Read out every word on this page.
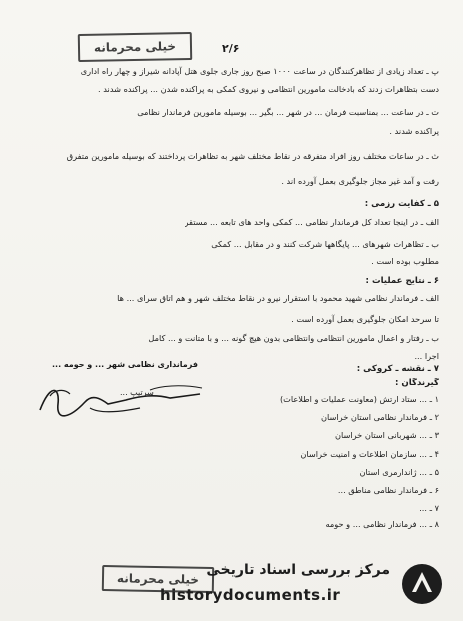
خیلی محرمانه	۲/۶
پ ـ تعداد زیادی از تظاهرکنندگان در ساعت ۱۰۰۰ صبح روز جاری جلوی هتل آپادانه شیراز و چهار راه اداری
دست بتظاهرات زدند که بادخالت مامورین انتظامی و نیروی کمکی به پراکنده شدن ... پراکنده شدند .
ت ـ در ساعت ... بمناسبت فرمان ... در شهر ... بگیر ... بوسیله مامورین فرماندار نظامی
پراکنده شدند .
ث ـ در ساعات مختلف روز افراد متفرقه در نقاط مختلف شهر به تظاهرات پرداختند که بوسیله مامورین متفرق
رفت و آمد غیر مجاز جلوگیری بعمل آورده اند .
۵ ـ کفایت رزمی :
الف ـ در اینجا تعداد کل فرماندار نظامی ... کمکی واحد های تابعه ... مستقر
ب ـ تظاهرات شهرهای ... پایگاهها شرکت کنند و در مقابل ... کمکی
مطلوب بوده است .
۶ ـ نتایج عملیات :
الف ـ فرماندار نظامی شهید محمود با استقرار نیرو در نقاط مختلف شهر و هم اتاق سرای ... ها
تا سرحد امکان جلوگیری بعمل آورده است .
ب ـ رفتار و اعمال مامورین انتظامی وانتظامی بدون هیچ گونه ... و با متانت و ... کامل
اجرا ...
۷ ـ نقشه ـ کروکی :
گیرندگان :
۱ ـ ... ستاد ارتش (معاونت عملیات و اطلاعات)
۲ ـ فرماندار نظامی استان خراسان
۳ ـ ... شهربانی استان خراسان
۴ ـ ... سازمان اطلاعات و امنیت خراسان
۵ ـ ... ژاندارمری استان
۶ ـ فرماندار نظامی مناطق ...
۷ ـ ...
۸ ـ ... فرماندار نظامی ... و حومه
فرمانداری نظامی شهر ... و حومه ...
سرتیپ ...
خیلی محرمانه
مرکز بررسی اسناد تاریخی
historydocuments.ir
